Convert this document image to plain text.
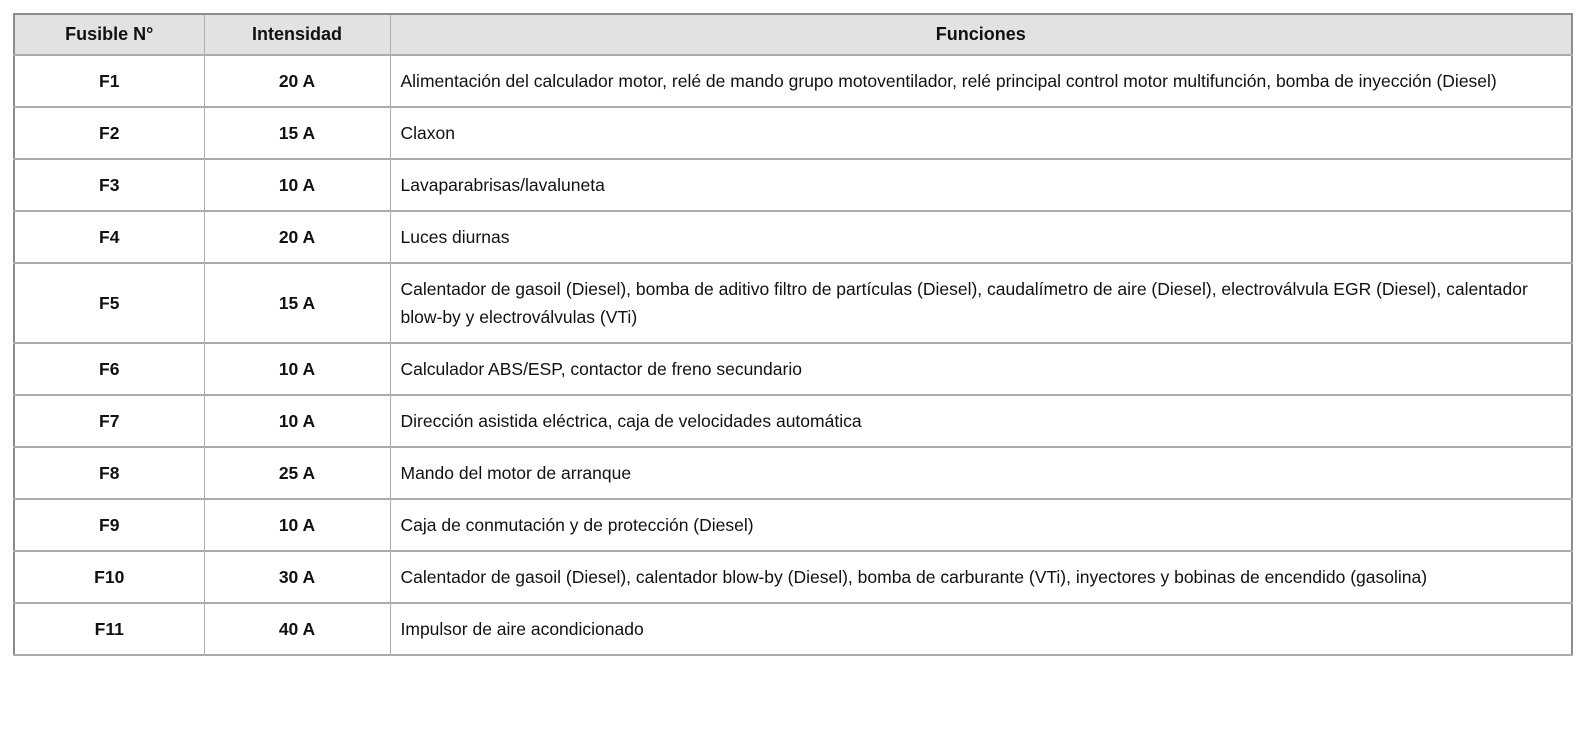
Fusible N°	Intensidad	Funciones
F1	20 A	Alimentación del calculador motor, relé de mando grupo motoventilador, relé principal control motor multifunción, bomba de inyección (Diesel)
F2	15 A	Claxon
F3	10 A	Lavaparabrisas/lavaluneta
F4	20 A	Luces diurnas
F5	15 A	Calentador de gasoil (Diesel), bomba de aditivo filtro de partículas (Diesel), caudalímetro de aire (Diesel), electroválvula EGR (Diesel), calentador blow-by y electroválvulas (VTi)
F6	10 A	Calculador ABS/ESP, contactor de freno secundario
F7	10 A	Dirección asistida eléctrica, caja de velocidades automática
F8	25 A	Mando del motor de arranque
F9	10 A	Caja de conmutación y de protección (Diesel)
F10	30 A	Calentador de gasoil (Diesel), calentador blow-by (Diesel), bomba de carburante (VTi), inyectores y bobinas de encendido (gasolina)
F11	40 A	Impulsor de aire acondicionado
